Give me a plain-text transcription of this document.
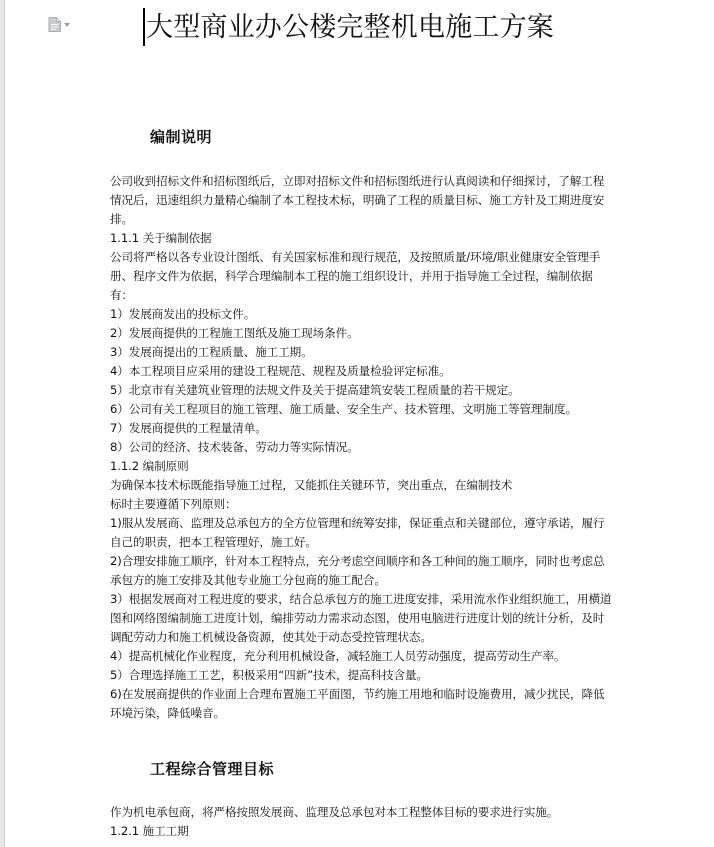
大型商业办公楼完整机电施工方案
编制说明

公司收到招标文件和招标图纸后，立即对招标文件和招标图纸进行认真阅读和仔细探讨，了解工程情况后，迅速组织力量精心编制了本工程技术标，明确了工程的质量目标、施工方针及工期进度安排。

1.1.1 关于编制依据

公司将严格以各专业设计图纸、有关国家标准和现行规范，及按照质量/环境/职业健康安全管理手册、程序文件为依据，科学合理编制本工程的施工组织设计，并用于指导施工全过程，编制依据有：

1）发展商发出的投标文件。

2）发展商提供的工程施工图纸及施工现场条件。

3）发展商提出的工程质量、施工工期。

4）本工程项目应采用的建设工程规范、规程及质量检验评定标准。

5）北京市有关建筑业管理的法规文件及关于提高建筑安装工程质量的若干规定。

6）公司有关工程项目的施工管理、施工质量、安全生产、技术管理、文明施工等管理制度。

7）发展商提供的工程量清单。

8）公司的经济、技术装备、劳动力等实际情况。

1.1.2 编制原则

为确保本技术标既能指导施工过程，又能抓住关键环节，突出重点，在编制技术

标时主要遵循下列原则：

1)服从发展商、监理及总承包方的全方位管理和统筹安排，保证重点和关键部位，遵守承诺，履行自己的职责，把本工程管理好，施工好。

2)合理安排施工顺序，针对本工程特点，充分考虑空间顺序和各工种间的施工顺序，同时也考虑总承包方的施工安排及其他专业施工分包商的施工配合。

3）根据发展商对工程进度的要求，结合总承包方的施工进度安排，采用流水作业组织施工，用横道图和网络图编制施工进度计划，编排劳动力需求动态图，使用电脑进行进度计划的统计分析，及时调配劳动力和施工机械设备资源，使其处于动态受控管理状态。

4）提高机械化作业程度，充分利用机械设备，减轻施工人员劳动强度，提高劳动生产率。

5）合理选择施工工艺，积极采用“四新”技术，提高科技含量。

6)在发展商提供的作业面上合理布置施工平面图，节约施工用地和临时设施费用，减少扰民，降低环境污染，降低噪音。

工程综合管理目标

作为机电承包商，将严格按照发展商、监理及总承包对本工程整体目标的要求进行实施。

1.2.1 施工工期
